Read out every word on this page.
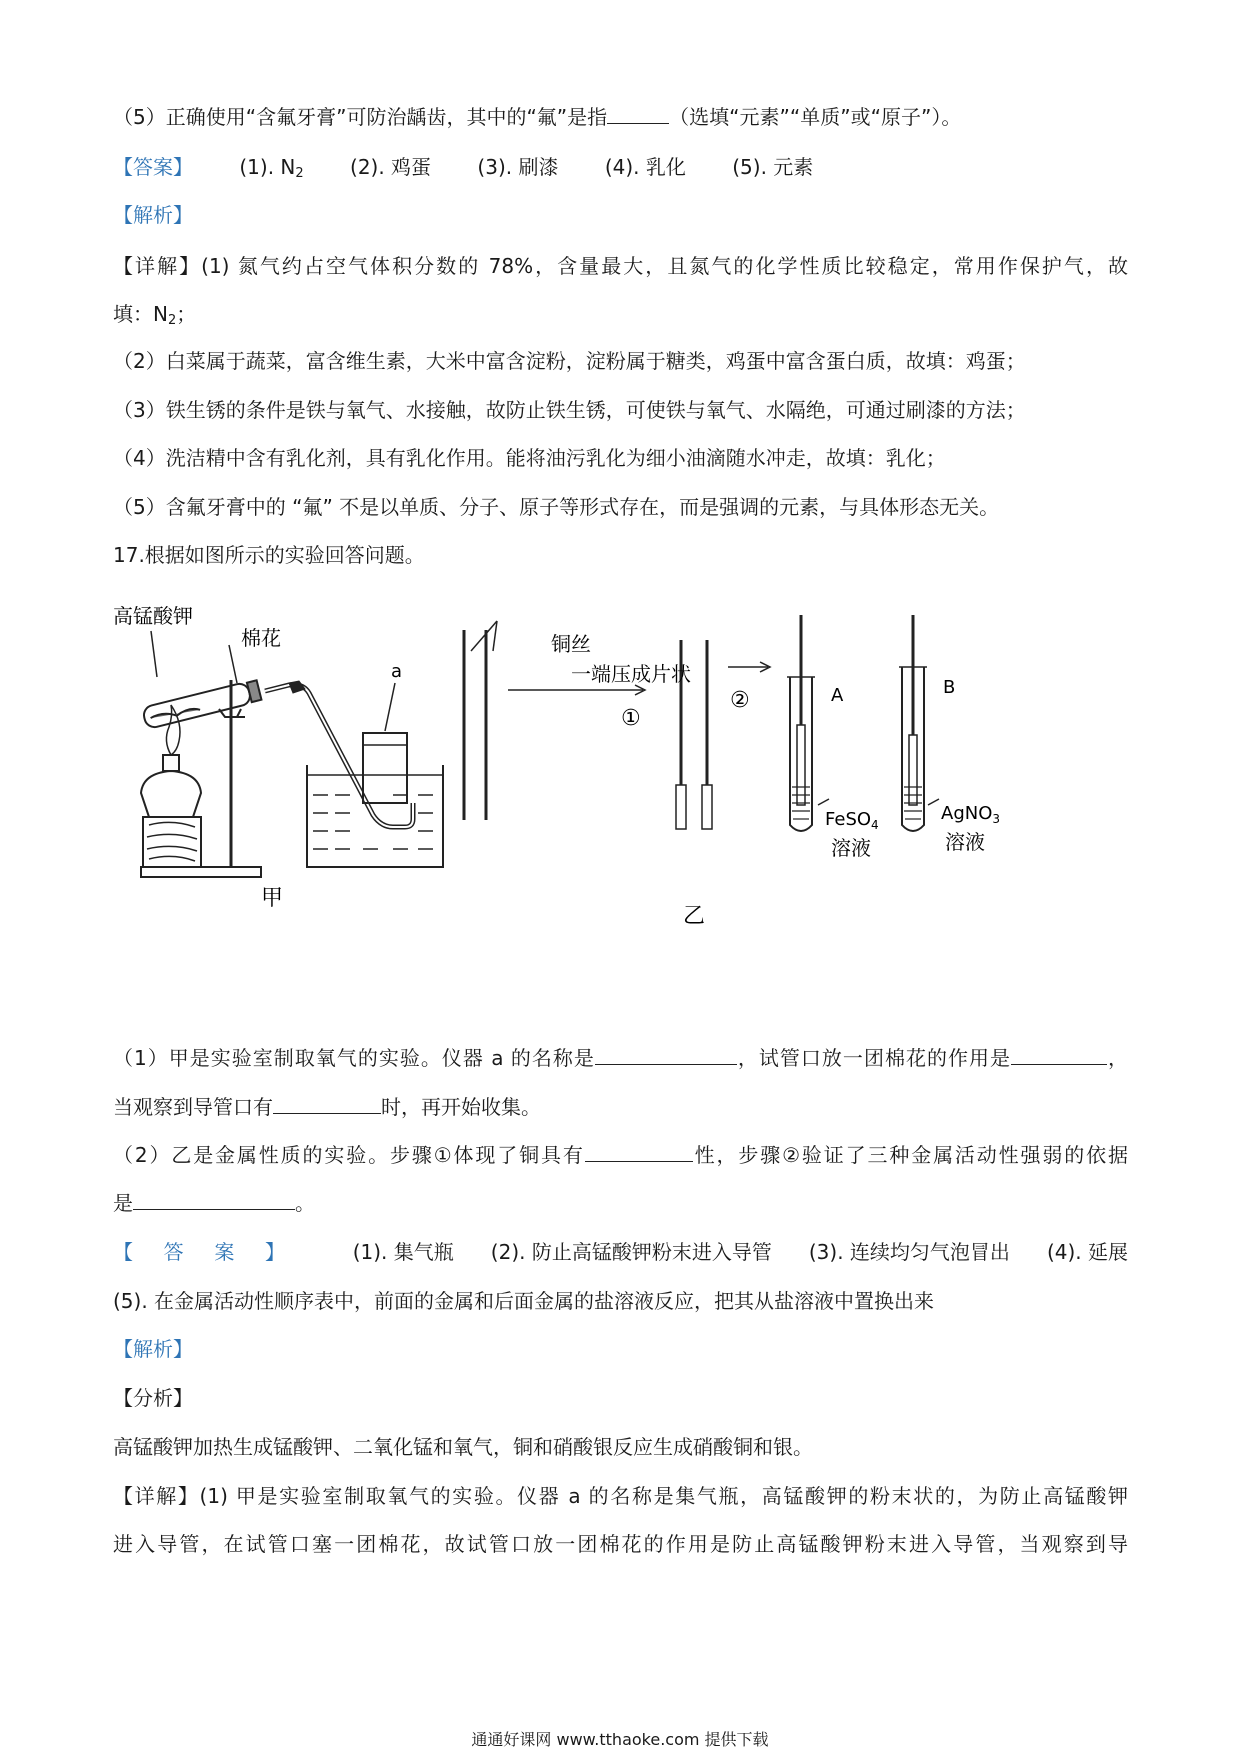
（5）正确使用“含氟牙膏”可防治龋齿，其中的“氟”是指	（选填“元素”“单质”或“原子”）。
【答案】 (1). $N_2$ (2). 鸡蛋 (3). 刷漆 (4). 乳化 (5). 元素
【解析】
【详解】(1) 氮气约占空气体积分数的 78%，含量最大，且氮气的化学性质比较稳定，常用作保护气，故
填：$N_2$；
（2）白菜属于蔬菜，富含维生素，大米中富含淀粉，淀粉属于糖类，鸡蛋中富含蛋白质，故填：鸡蛋；
（3）铁生锈的条件是铁与氧气、水接触，故防止铁生锈，可使铁与氧气、水隔绝，可通过刷漆的方法；
（4）洗洁精中含有乳化剂，具有乳化作用。能将油污乳化为细小油滴随水冲走，故填：乳化；
（5）含氟牙膏中的 “氟” 不是以单质、分子、原子等形式存在，而是强调的元素，与具体形态无关。
17.根据如图所示的实验回答问题。
高锰酸钾
棉花
a
甲
铜丝
一端压成片状
①
②	A	B
FeSO$_4$
溶液
AgNO$_3$
溶液
乙
（1）甲是实验室制取氧气的实验。仪器 a 的名称是	，试管口放一团棉花的作用是	，
当观察到导管口有	时，再开始收集。
（2）乙是金属性质的实验。步骤①体现了铜具有	性，步骤②验证了三种金属活动性强弱的依据
是	。
【答案】 (1). 集气瓶 (2). 防止高锰酸钾粉末进入导管 (3). 连续均匀气泡冒出 (4). 延展
(5). 在金属活动性顺序表中，前面的金属和后面金属的盐溶液反应，把其从盐溶液中置换出来
【解析】
【分析】
高锰酸钾加热生成锰酸钾、二氧化锰和氧气，铜和硝酸银反应生成硝酸铜和银。
【详解】(1) 甲是实验室制取氧气的实验。仪器 a 的名称是集气瓶，高锰酸钾的粉末状的，为防止高锰酸钾
进入导管，在试管口塞一团棉花，故试管口放一团棉花的作用是防止高锰酸钾粉末进入导管，当观察到导
通通好课网 www.tthaoke.com 提供下载
